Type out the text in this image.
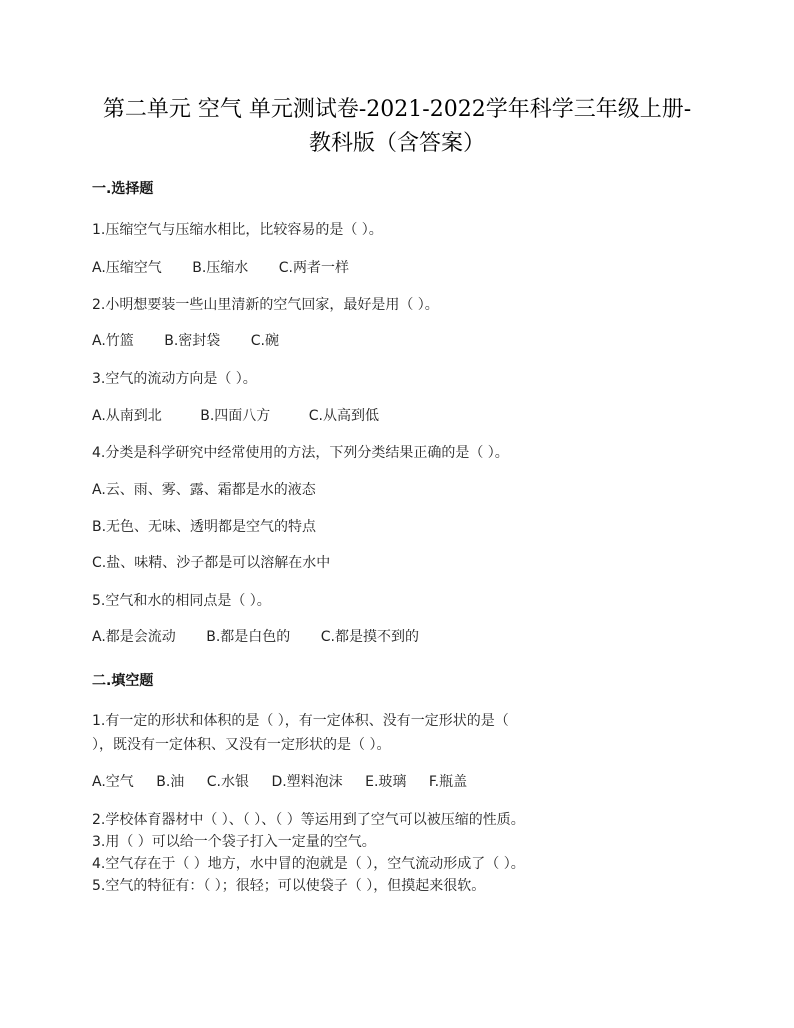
第二单元 空气 单元测试卷-2021-2022学年科学三年级上册-
教科版（含答案）
一.选择题
1.压缩空气与压缩水相比，比较容易的是（ ）。
A.压缩空气 B.压缩水 C.两者一样
2.小明想要装一些山里清新的空气回家，最好是用（ ）。
A.竹篮 B.密封袋 C.碗
3.空气的流动方向是（ ）。
A.从南到北	B.四面八方	C.从高到低
4.分类是科学研究中经常使用的方法，下列分类结果正确的是（ ）。
A.云、雨、雾、露、霜都是水的液态
B.无色、无味、透明都是空气的特点
C.盐、味精、沙子都是可以溶解在水中
5.空气和水的相同点是（ ）。
A.都是会流动 B.都是白色的 C.都是摸不到的
二.填空题
1.有一定的形状和体积的是（ ），有一定体积、没有一定形状的是（
），既没有一定体积、又没有一定形状的是（ ）。
A.空气 B.油 C.水银 D.塑料泡沫 E.玻璃 F.瓶盖
2.学校体育器材中（ ）、（ ）、（ ）等运用到了空气可以被压缩的性质。
3.用（ ）可以给一个袋子打入一定量的空气。
4.空气存在于（ ）地方，水中冒的泡就是（ ），空气流动形成了（ ）。
5.空气的特征有：（ ）；很轻；可以使袋子（ ），但摸起来很软。
